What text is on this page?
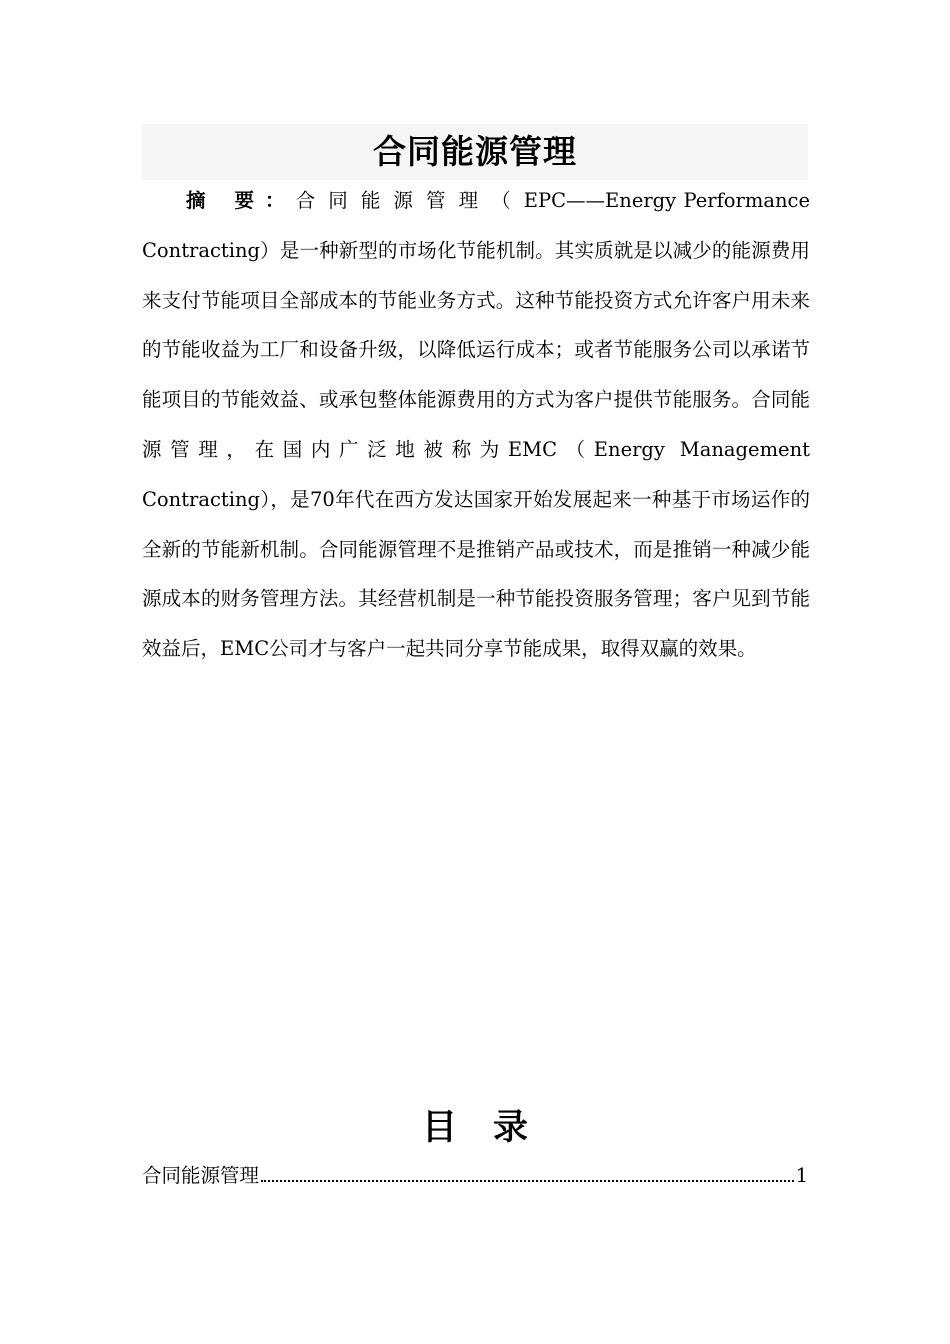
合同能源管理

摘 要：合同能源管理（EPC——Energy Performance Contracting）是一种新型的市场化节能机制。其实质就是以减少的能源费用来支付节能项目全部成本的节能业务方式。这种节能投资方式允许客户用未来的节能收益为工厂和设备升级，以降低运行成本；或者节能服务公司以承诺节能项目的节能效益、或承包整体能源费用的方式为客户提供节能服务。合同能源管理，在国内广泛地被称为EMC（Energy Management Contracting），是70年代在西方发达国家开始发展起来一种基于市场运作的全新的节能新机制。合同能源管理不是推销产品或技术，而是推销一种减少能源成本的财务管理方法。其经营机制是一种节能投资服务管理；客户见到节能效益后，EMC公司才与客户一起共同分享节能成果，取得双赢的效果。

目 录
合同能源管理	1
